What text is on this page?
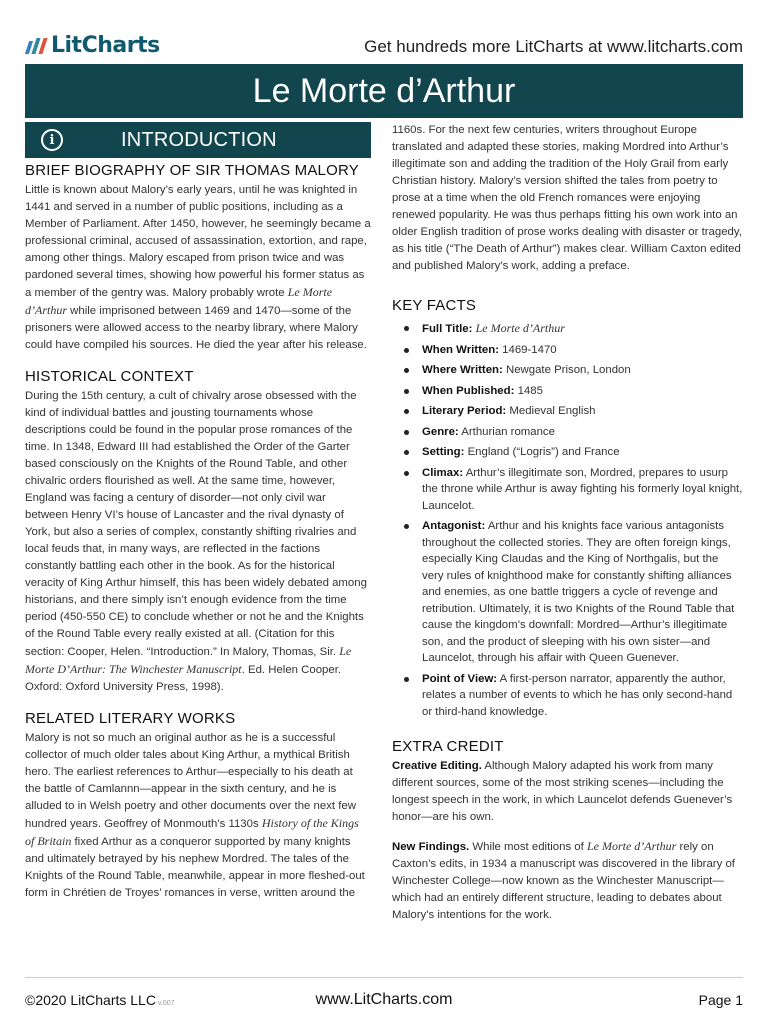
LitCharts	Get hundreds more LitCharts at www.litcharts.com
Le Morte d’Arthur
i	INTRODUCTION
BRIEF BIOGRAPHY OF SIR THOMAS MALORY

Little is known about Malory’s early years, until he was knighted in 1441 and served in a number of public positions, including as a Member of Parliament. After 1450, however, he seemingly became a professional criminal, accused of assassination, extortion, and rape, among other things. Malory escaped from prison twice and was pardoned several times, showing how powerful his former status as a member of the gentry was. Malory probably wrote Le Morte d’Arthur while imprisoned between 1469 and 1470—some of the prisoners were allowed access to the nearby library, where Malory could have compiled his sources. He died the year after his release.

HISTORICAL CONTEXT

During the 15th century, a cult of chivalry arose obsessed with the kind of individual battles and jousting tournaments whose descriptions could be found in the popular prose romances of the time. In 1348, Edward III had established the Order of the Garter based consciously on the Knights of the Round Table, and other chivalric orders flourished as well. At the same time, however, England was facing a century of disorder—not only civil war between Henry VI’s house of Lancaster and the rival dynasty of York, but also a series of complex, constantly shifting rivalries and local feuds that, in many ways, are reflected in the factions constantly battling each other in the book. As for the historical veracity of King Arthur himself, this has been widely debated among historians, and there simply isn’t enough evidence from the time period (450-550 CE) to conclude whether or not he and the Knights of the Round Table every really existed at all. (Citation for this section: Cooper, Helen. “Introduction.” In Malory, Thomas, Sir. Le Morte D’Arthur: The Winchester Manuscript. Ed. Helen Cooper. Oxford: Oxford University Press, 1998).

RELATED LITERARY WORKS

Malory is not so much an original author as he is a successful collector of much older tales about King Arthur, a mythical British hero. The earliest references to Arthur—especially to his death at the battle of Camlannn—appear in the sixth century, and he is alluded to in Welsh poetry and other documents over the next few hundred years. Geoffrey of Monmouth’s 1130s History of the Kings of Britain fixed Arthur as a conqueror supported by many knights and ultimately betrayed by his nephew Mordred. The tales of the Knights of the Round Table, meanwhile, appear in more fleshed-out form in Chrétien de Troyes’ romances in verse, written around the

1160s. For the next few centuries, writers throughout Europe translated and adapted these stories, making Mordred into Arthur’s illegitimate son and adding the tradition of the Holy Grail from early Christian history. Malory’s version shifted the tales from poetry to prose at a time when the old French romances were enjoying renewed popularity. He was thus perhaps fitting his own work into an older English tradition of prose works dealing with disaster or tragedy, as his title (“The Death of Arthur”) makes clear. William Caxton edited and published Malory’s work, adding a preface.

KEY FACTS
Full Title: Le Morte d’Arthur
When Written: 1469-1470
Where Written: Newgate Prison, London
When Published: 1485
Literary Period: Medieval English
Genre: Arthurian romance
Setting: England (“Logris”) and France
Climax: Arthur’s illegitimate son, Mordred, prepares to usurp the throne while Arthur is away fighting his formerly loyal knight, Launcelot.
Antagonist: Arthur and his knights face various antagonists throughout the collected stories. They are often foreign kings, especially King Claudas and the King of Northgalis, but the very rules of knighthood make for constantly shifting alliances and enemies, as one battle triggers a cycle of revenge and retribution. Ultimately, it is two Knights of the Round Table that cause the kingdom’s downfall: Mordred—Arthur’s illegitimate son, and the product of sleeping with his own sister—and Launcelot, through his affair with Queen Guenever.
Point of View: A first-person narrator, apparently the author, relates a number of events to which he has only second-hand or third-hand knowledge.
EXTRA CREDIT

Creative Editing. Although Malory adapted his work from many different sources, some of the most striking scenes—including the longest speech in the work, in which Launcelot defends Guenever’s honor—are his own.

New Findings. While most editions of Le Morte d’Arthur rely on Caxton’s edits, in 1934 a manuscript was discovered in the library of Winchester College—now known as the Winchester Manuscript—which had an entirely different structure, leading to debates about Malory’s intentions for the work.

©2020 LitCharts LLC v.007	www.LitCharts.com	Page 1
